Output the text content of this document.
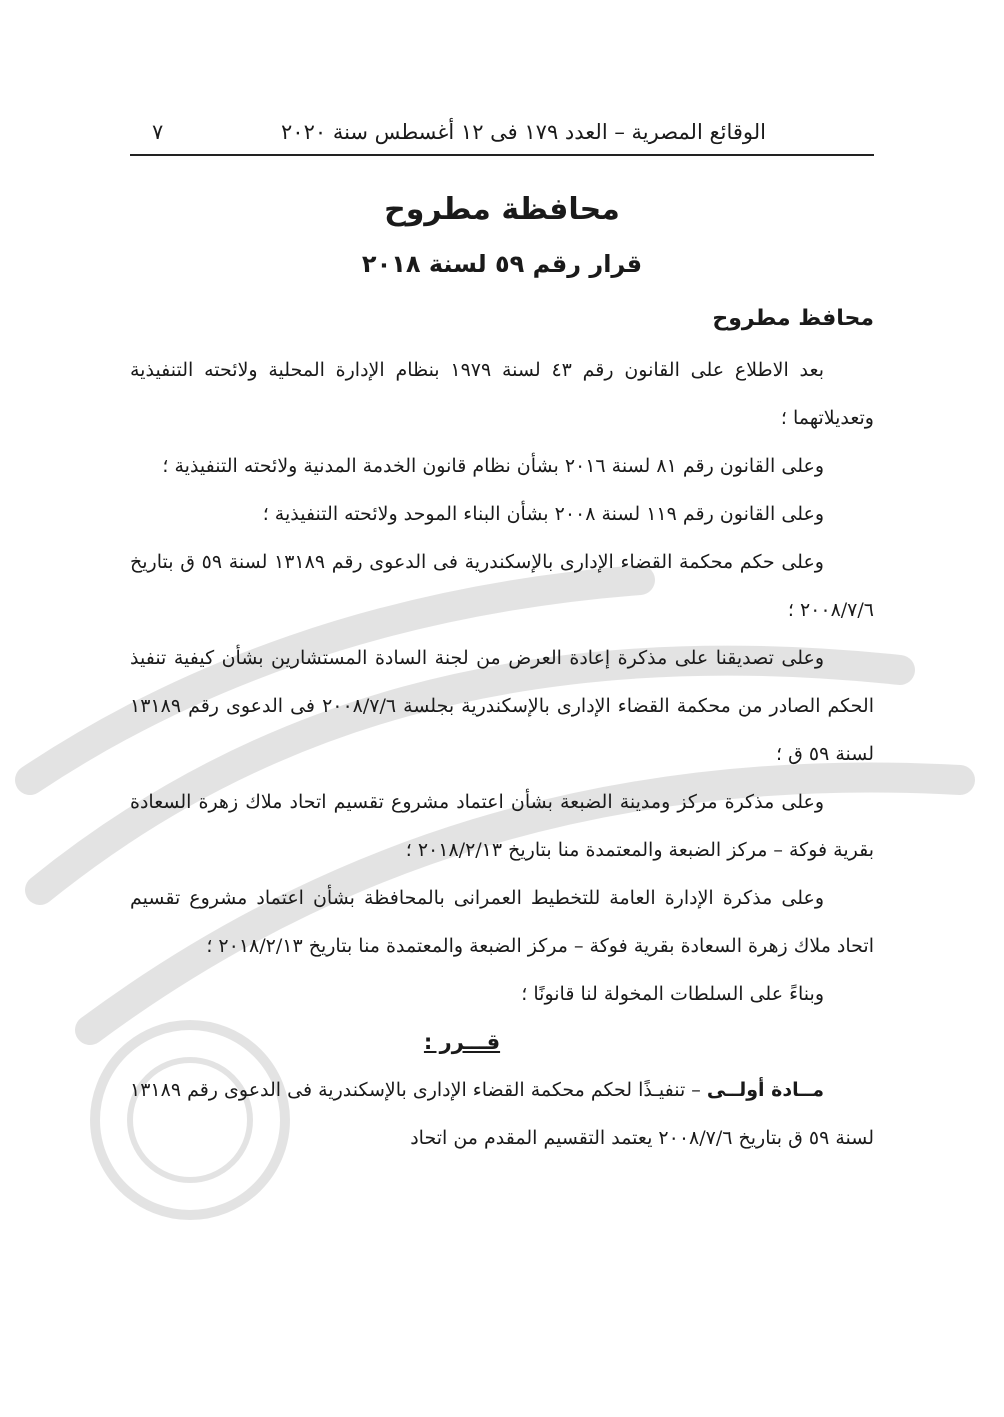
الوقائع المصرية – العدد ١٧٩ فى ١٢ أغسطس سنة ٢٠٢٠
٧
محافظة مطروح
قرار رقم ٥٩ لسنة ٢٠١٨
محافظ مطروح

بعد الاطلاع على القانون رقم ٤٣ لسنة ١٩٧٩ بنظام الإدارة المحلية ولائحته التنفيذية وتعديلاتهما ؛

وعلى القانون رقم ٨١ لسنة ٢٠١٦ بشأن نظام قانون الخدمة المدنية ولائحته التنفيذية ؛

وعلى القانون رقم ١١٩ لسنة ٢٠٠٨ بشأن البناء الموحد ولائحته التنفيذية ؛

وعلى حكم محكمة القضاء الإدارى بالإسكندرية فى الدعوى رقم ١٣١٨٩ لسنة ٥٩ ق بتاريخ ٢٠٠٨/٧/٦ ؛

وعلى تصديقنا على مذكرة إعادة العرض من لجنة السادة المستشارين بشأن كيفية تنفيذ الحكم الصادر من محكمة القضاء الإدارى بالإسكندرية بجلسة ٢٠٠٨/٧/٦ فى الدعوى رقم ١٣١٨٩ لسنة ٥٩ ق ؛

وعلى مذكرة مركز ومدينة الضبعة بشأن اعتماد مشروع تقسيم اتحاد ملاك زهرة السعادة بقرية فوكة – مركز الضبعة والمعتمدة منا بتاريخ ٢٠١٨/٢/١٣ ؛

وعلى مذكرة الإدارة العامة للتخطيط العمرانى بالمحافظة بشأن اعتماد مشروع تقسيم اتحاد ملاك زهرة السعادة بقرية فوكة – مركز الضبعة والمعتمدة منا بتاريخ ٢٠١٨/٢/١٣ ؛

وبناءً على السلطات المخولة لنا قانونًا ؛

قـــرر :

مــادة أولــى – تنفيـذًا لحكم محكمة القضاء الإدارى بالإسكندرية فى الدعوى رقم ١٣١٨٩ لسنة ٥٩ ق بتاريخ ٢٠٠٨/٧/٦ يعتمد التقسيم المقدم من اتحاد
